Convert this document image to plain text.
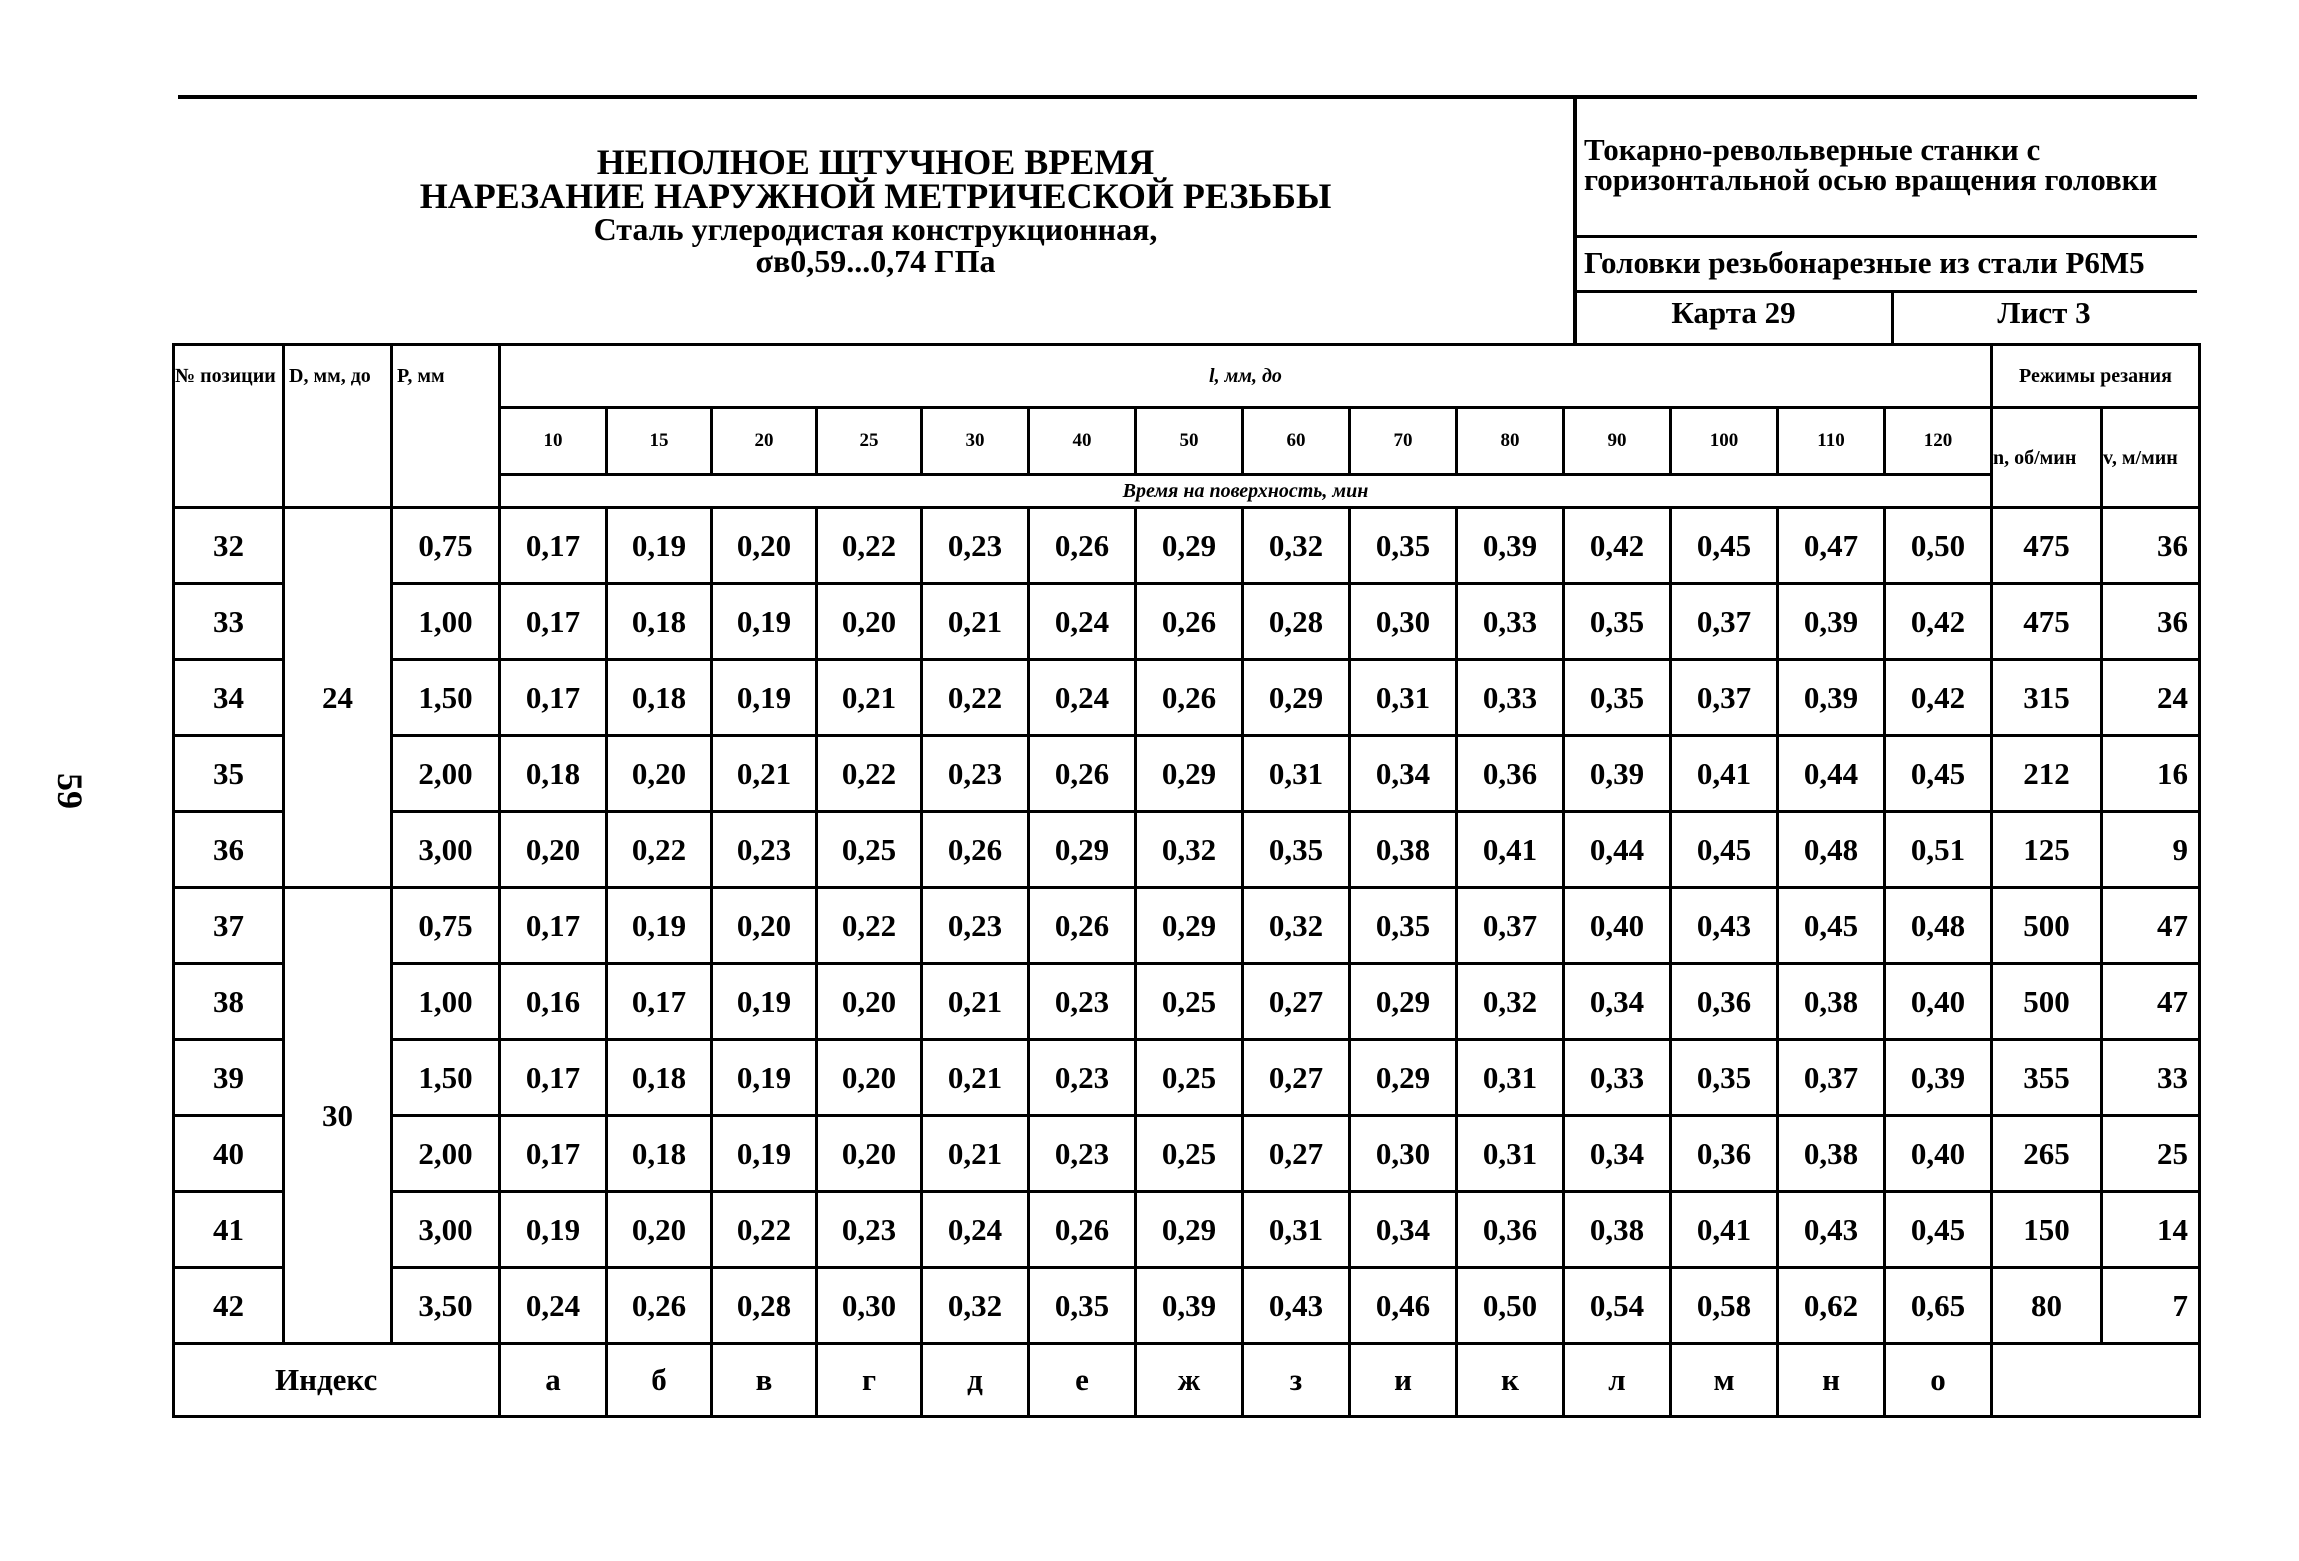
59
НЕПОЛНОЕ ШТУЧНОЕ ВРЕМЯ
НАРЕЗАНИЕ НАРУЖНОЙ МЕТРИЧЕСКОЙ РЕЗЬБЫ
Сталь углеродистая конструкционная,
σв0,59...0,74 ГПа
Токарно-револьверные станки с
горизонтальной осью вращения головки
Головки резьбонарезные из стали Р6М5
Карта 29	Лист 3
№ позиции	D, мм, до	P, мм	l, мм, до														Режимы резания	
			10	15	20	25	30	40	50	60	70	80	90	100	110	120	n, об/мин	v, м/мин
			Время на поверхность, мин															
32	24	0,75	0,17	0,19	0,20	0,22	0,23	0,26	0,29	0,32	0,35	0,39	0,42	0,45	0,47	0,50	475	36
33		1,00	0,17	0,18	0,19	0,20	0,21	0,24	0,26	0,28	0,30	0,33	0,35	0,37	0,39	0,42	475	36
34		1,50	0,17	0,18	0,19	0,21	0,22	0,24	0,26	0,29	0,31	0,33	0,35	0,37	0,39	0,42	315	24
35		2,00	0,18	0,20	0,21	0,22	0,23	0,26	0,29	0,31	0,34	0,36	0,39	0,41	0,44	0,45	212	16
36		3,00	0,20	0,22	0,23	0,25	0,26	0,29	0,32	0,35	0,38	0,41	0,44	0,45	0,48	0,51	125	9
37	30	0,75	0,17	0,19	0,20	0,22	0,23	0,26	0,29	0,32	0,35	0,37	0,40	0,43	0,45	0,48	500	47
38		1,00	0,16	0,17	0,19	0,20	0,21	0,23	0,25	0,27	0,29	0,32	0,34	0,36	0,38	0,40	500	47
39		1,50	0,17	0,18	0,19	0,20	0,21	0,23	0,25	0,27	0,29	0,31	0,33	0,35	0,37	0,39	355	33
40		2,00	0,17	0,18	0,19	0,20	0,21	0,23	0,25	0,27	0,30	0,31	0,34	0,36	0,38	0,40	265	25
41		3,00	0,19	0,20	0,22	0,23	0,24	0,26	0,29	0,31	0,34	0,36	0,38	0,41	0,43	0,45	150	14
42		3,50	0,24	0,26	0,28	0,30	0,32	0,35	0,39	0,43	0,46	0,50	0,54	0,58	0,62	0,65	80	7
Индекс			а	б	в	г	д	е	ж	з	и	к	л	м	н	о		
